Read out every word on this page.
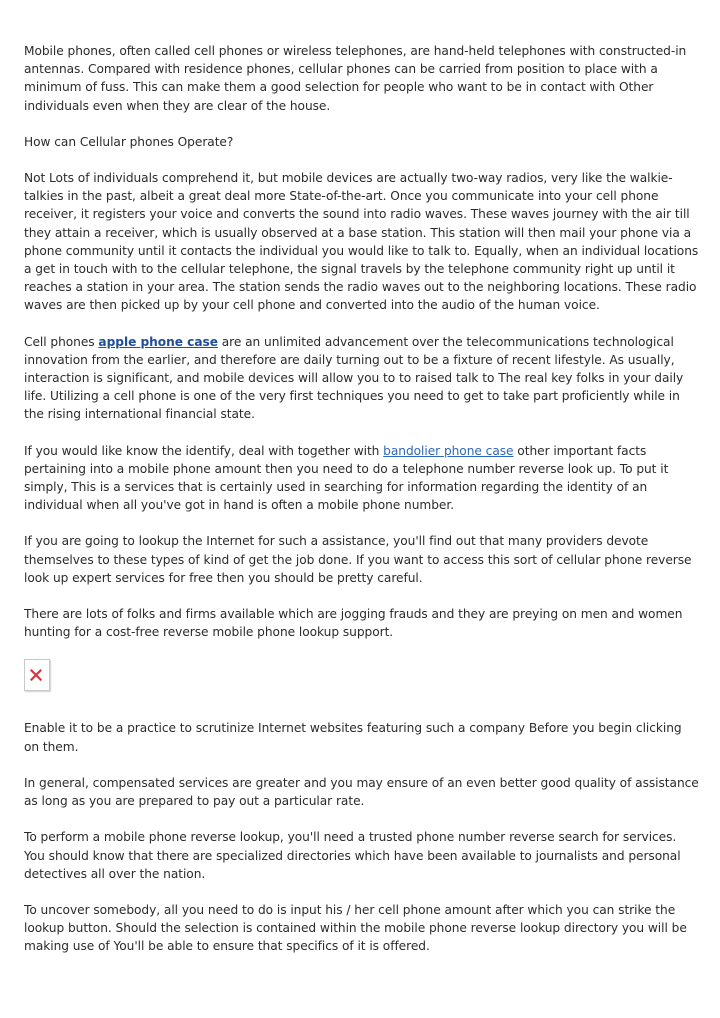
Mobile phones, often called cell phones or wireless telephones, are hand-held telephones with constructed-in antennas. Compared with residence phones, cellular phones can be carried from position to place with a minimum of fuss. This can make them a good selection for people who want to be in contact with Other individuals even when they are clear of the house.

How can Cellular phones Operate?

Not Lots of individuals comprehend it, but mobile devices are actually two-way radios, very like the walkie-talkies in the past, albeit a great deal more State-of-the-art. Once you communicate into your cell phone receiver, it registers your voice and converts the sound into radio waves. These waves journey with the air till they attain a receiver, which is usually observed at a base station. This station will then mail your phone via a phone community until it contacts the individual you would like to talk to. Equally, when an individual locations a get in touch with to the cellular telephone, the signal travels by the telephone community right up until it reaches a station in your area. The station sends the radio waves out to the neighboring locations. These radio waves are then picked up by your cell phone and converted into the audio of the human voice.

Cell phones apple phone case are an unlimited advancement over the telecommunications technological innovation from the earlier, and therefore are daily turning out to be a fixture of recent lifestyle. As usually, interaction is significant, and mobile devices will allow you to to raised talk to The real key folks in your daily life. Utilizing a cell phone is one of the very first techniques you need to get to take part proficiently while in the rising international financial state.

If you would like know the identify, deal with together with bandolier phone case other important facts pertaining into a mobile phone amount then you need to do a telephone number reverse look up. To put it simply, This is a services that is certainly used in searching for information regarding the identity of an individual when all you've got in hand is often a mobile phone number.

If you are going to lookup the Internet for such a assistance, you'll find out that many providers devote themselves to these types of kind of get the job done. If you want to access this sort of cellular phone reverse look up expert services for free then you should be pretty careful.

There are lots of folks and firms available which are jogging frauds and they are preying on men and women hunting for a cost-free reverse mobile phone lookup support.

Enable it to be a practice to scrutinize Internet websites featuring such a company Before you begin clicking on them.

In general, compensated services are greater and you may ensure of an even better good quality of assistance as long as you are prepared to pay out a particular rate.

To perform a mobile phone reverse lookup, you'll need a trusted phone number reverse search for services. You should know that there are specialized directories which have been available to journalists and personal detectives all over the nation.

To uncover somebody, all you need to do is input his / her cell phone amount after which you can strike the lookup button. Should the selection is contained within the mobile phone reverse lookup directory you will be making use of You'll be able to ensure that specifics of it is offered.
